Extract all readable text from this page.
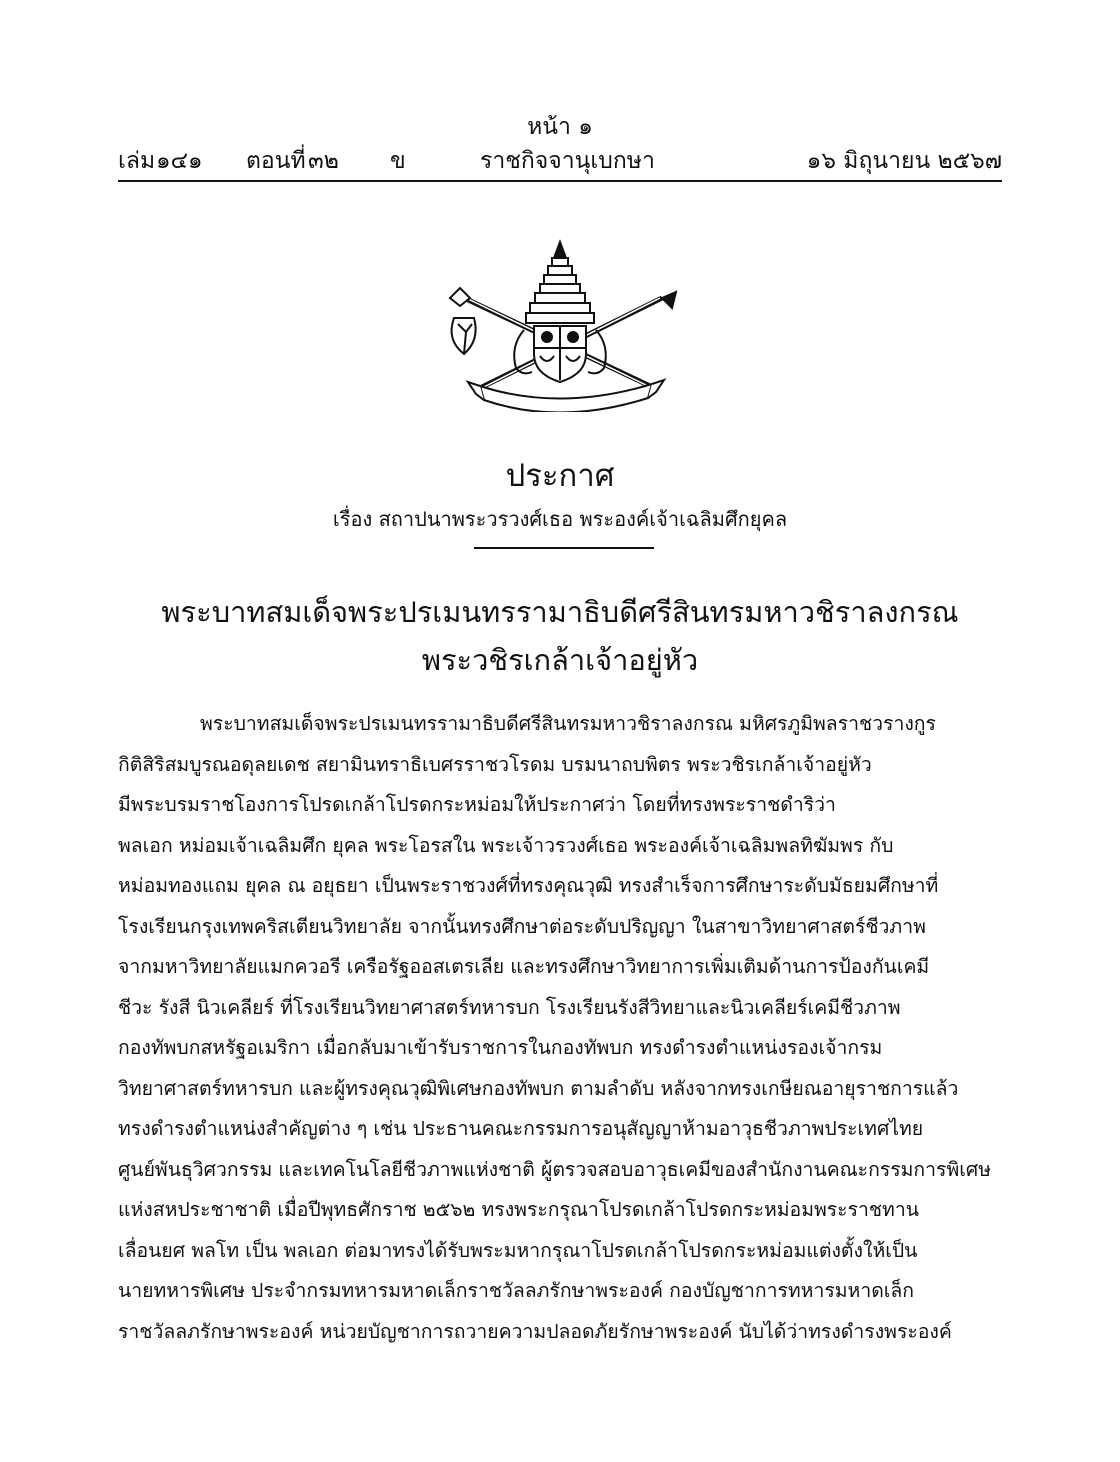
หน้า ๑
เล่ม ๑๔๑ ตอนที่ ๓๒ ข	ราชกิจจานุเบกษา	๑๖ มิถุนายน ๒๕๖๗
ประกาศ
เรื่อง สถาปนาพระวรวงศ์เธอ พระองค์เจ้าเฉลิมศึกยุคล
พระบาทสมเด็จพระปรเมนทรรามาธิบดีศรีสินทรมหาวชิราลงกรณ
พระวชิรเกล้าเจ้าอยู่หัว
พระบาทสมเด็จพระปรเมนทรรามาธิบดีศรีสินทรมหาวชิราลงกรณ มหิศรภูมิพลราชวรางกูร
กิติสิริสมบูรณอดุลยเดช สยามินทราธิเบศรราชวโรดม บรมนาถบพิตร พระวชิรเกล้าเจ้าอยู่หัว
มีพระบรมราชโองการโปรดเกล้าโปรดกระหม่อมให้ประกาศว่า โดยที่ทรงพระราชดำริว่า
พลเอก หม่อมเจ้าเฉลิมศึก ยุคล พระโอรสใน พระเจ้าวรวงศ์เธอ พระองค์เจ้าเฉลิมพลทิฆัมพร กับ
หม่อมทองแถม ยุคล ณ อยุธยา เป็นพระราชวงศ์ที่ทรงคุณวุฒิ ทรงสำเร็จการศึกษาระดับมัธยมศึกษาที่
โรงเรียนกรุงเทพคริสเตียนวิทยาลัย จากนั้นทรงศึกษาต่อระดับปริญญา ในสาขาวิทยาศาสตร์ชีวภาพ
จากมหาวิทยาลัยแมกควอรี เครือรัฐออสเตรเลีย และทรงศึกษาวิทยาการเพิ่มเติมด้านการป้องกันเคมี
ชีวะ รังสี นิวเคลียร์ ที่โรงเรียนวิทยาศาสตร์ทหารบก โรงเรียนรังสีวิทยาและนิวเคลียร์เคมีชีวภาพ
กองทัพบกสหรัฐอเมริกา เมื่อกลับมาเข้ารับราชการในกองทัพบก ทรงดำรงตำแหน่งรองเจ้ากรม
วิทยาศาสตร์ทหารบก และผู้ทรงคุณวุฒิพิเศษกองทัพบก ตามลำดับ หลังจากทรงเกษียณอายุราชการแล้ว
ทรงดำรงตำแหน่งสำคัญต่าง ๆ เช่น ประธานคณะกรรมการอนุสัญญาห้ามอาวุธชีวภาพประเทศไทย
ศูนย์พันธุวิศวกรรม และเทคโนโลยีชีวภาพแห่งชาติ ผู้ตรวจสอบอาวุธเคมีของสำนักงานคณะกรรมการพิเศษ
แห่งสหประชาชาติ เมื่อปีพุทธศักราช ๒๕๖๒ ทรงพระกรุณาโปรดเกล้าโปรดกระหม่อมพระราชทาน
เลื่อนยศ พลโท เป็น พลเอก ต่อมาทรงได้รับพระมหากรุณาโปรดเกล้าโปรดกระหม่อมแต่งตั้งให้เป็น
นายทหารพิเศษ ประจำกรมทหารมหาดเล็กราชวัลลภรักษาพระองค์ กองบัญชาการทหารมหาดเล็ก
ราชวัลลภรักษาพระองค์ หน่วยบัญชาการถวายความปลอดภัยรักษาพระองค์ นับได้ว่าทรงดำรงพระองค์
